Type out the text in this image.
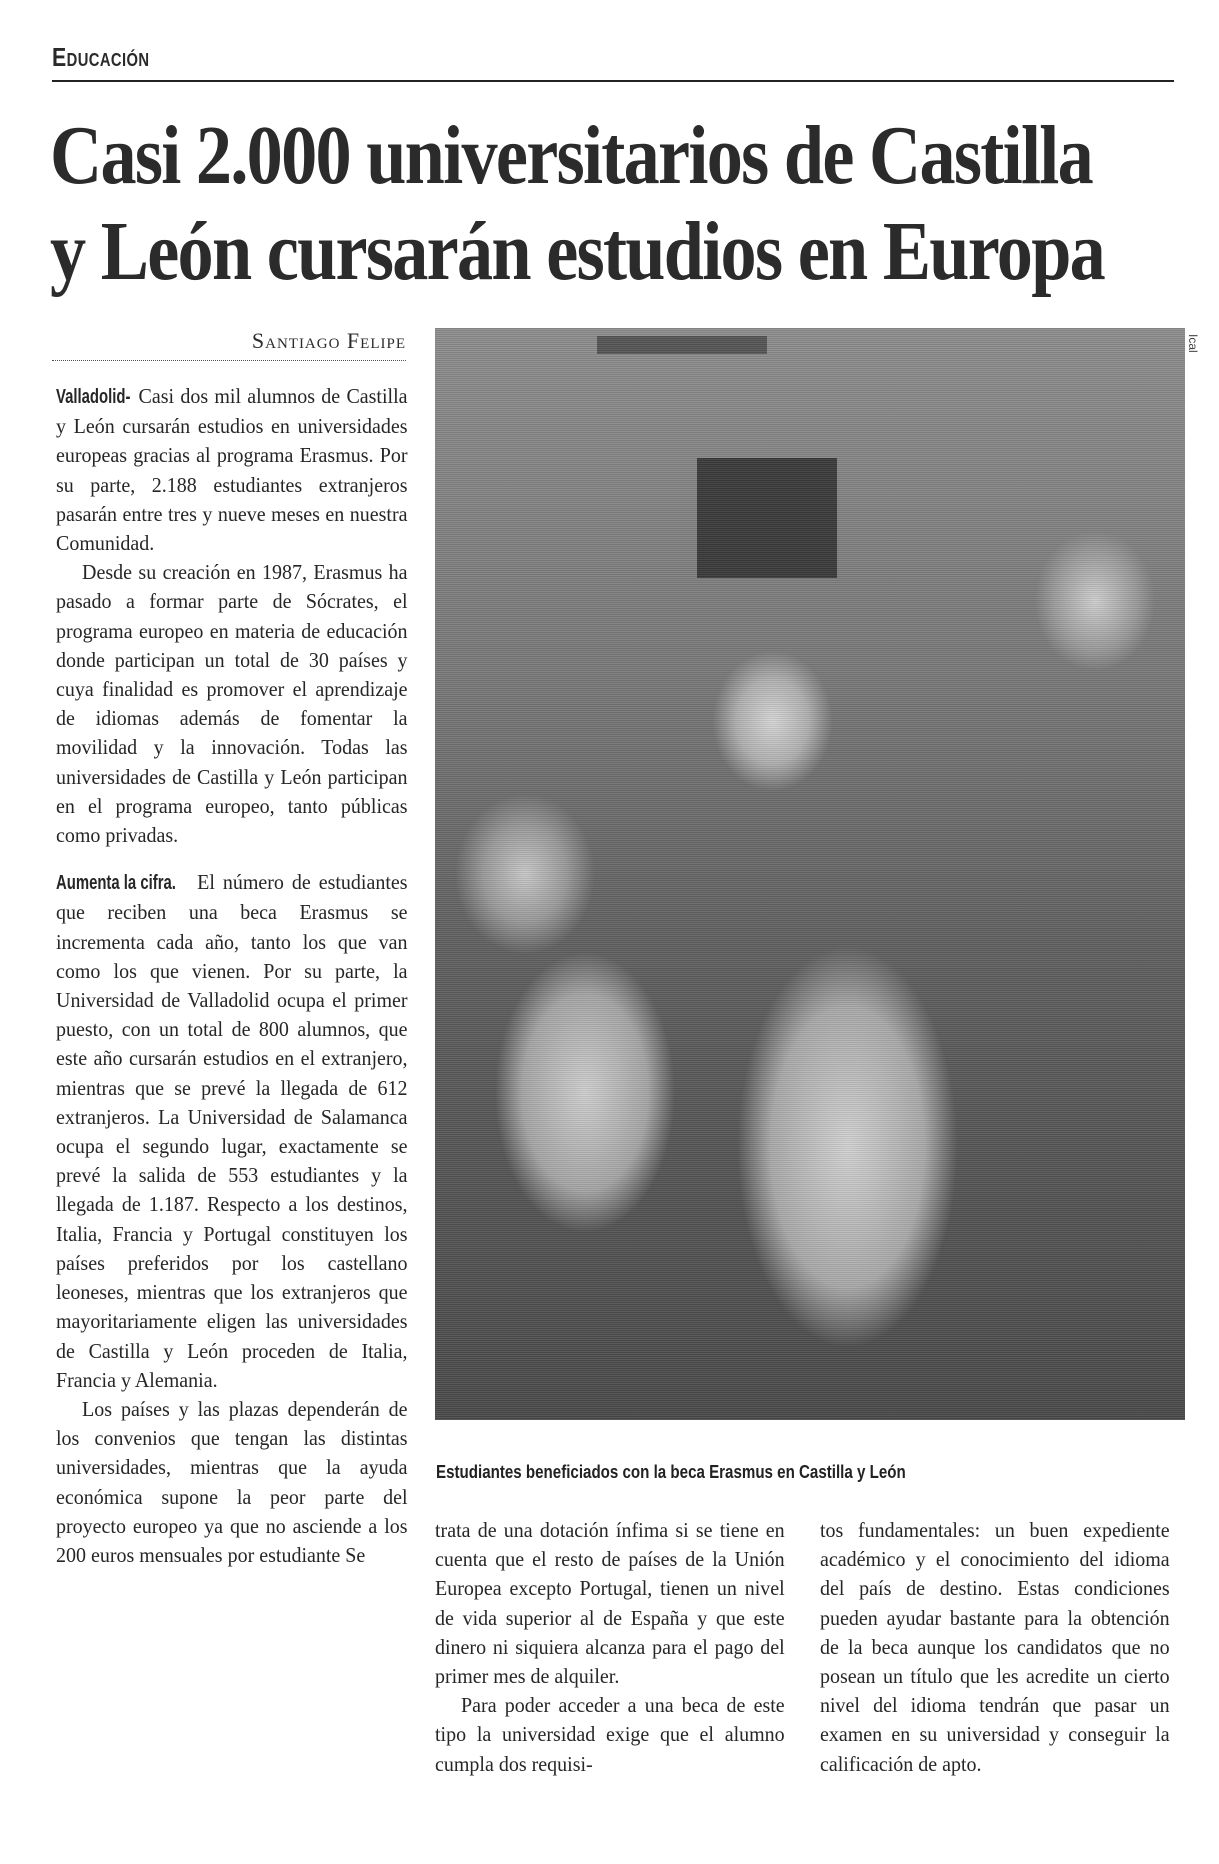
Educación
Casi 2.000 universitarios de Castilla
y León cursarán estudios en Europa
Santiago Felipe

Valladolid- Casi dos mil alumnos de Castilla y León cursarán estudios en universidades europeas gracias al programa Erasmus. Por su parte, 2.188 estudiantes extranjeros pasarán entre tres y nueve meses en nuestra Comunidad.

Desde su creación en 1987, Erasmus ha pasado a formar parte de Sócrates, el programa europeo en materia de educación donde participan un total de 30 países y cuya finalidad es promover el aprendizaje de idiomas además de fomentar la movilidad y la innovación. Todas las universidades de Castilla y León participan en el programa europeo, tanto públicas como privadas.

Aumenta la cifra. El número de estudiantes que reciben una beca Erasmus se incrementa cada año, tanto los que van como los que vienen. Por su parte, la Universidad de Valladolid ocupa el primer puesto, con un total de 800 alumnos, que este año cursarán estudios en el extranjero, mientras que se prevé la llegada de 612 extranjeros. La Universidad de Salamanca ocupa el segundo lugar, exactamente se prevé la salida de 553 estudiantes y la llegada de 1.187. Respecto a los destinos, Italia, Francia y Portugal constituyen los países preferidos por los castellano leoneses, mientras que los extranjeros que mayoritariamente eligen las universidades de Castilla y León proceden de Italia, Francia y Alemania.

Los países y las plazas dependerán de los convenios que tengan las distintas universidades, mientras que la ayuda económica supone la peor parte del proyecto europeo ya que no asciende a los 200 euros mensuales por estudiante Se

Ical
Estudiantes beneficiados con la beca Erasmus en Castilla y León

trata de una dotación ínfima si se tiene en cuenta que el resto de países de la Unión Europea excepto Portugal, tienen un nivel de vida superior al de España y que este dinero ni siquiera alcanza para el pago del primer mes de alquiler.

Para poder acceder a una beca de este tipo la universidad exige que el alumno cumpla dos requisi-

tos fundamentales: un buen expediente académico y el conocimiento del idioma del país de destino. Estas condiciones pueden ayudar bastante para la obtención de la beca aunque los candidatos que no posean un título que les acredite un cierto nivel del idioma tendrán que pasar un examen en su universidad y conseguir la calificación de apto.
